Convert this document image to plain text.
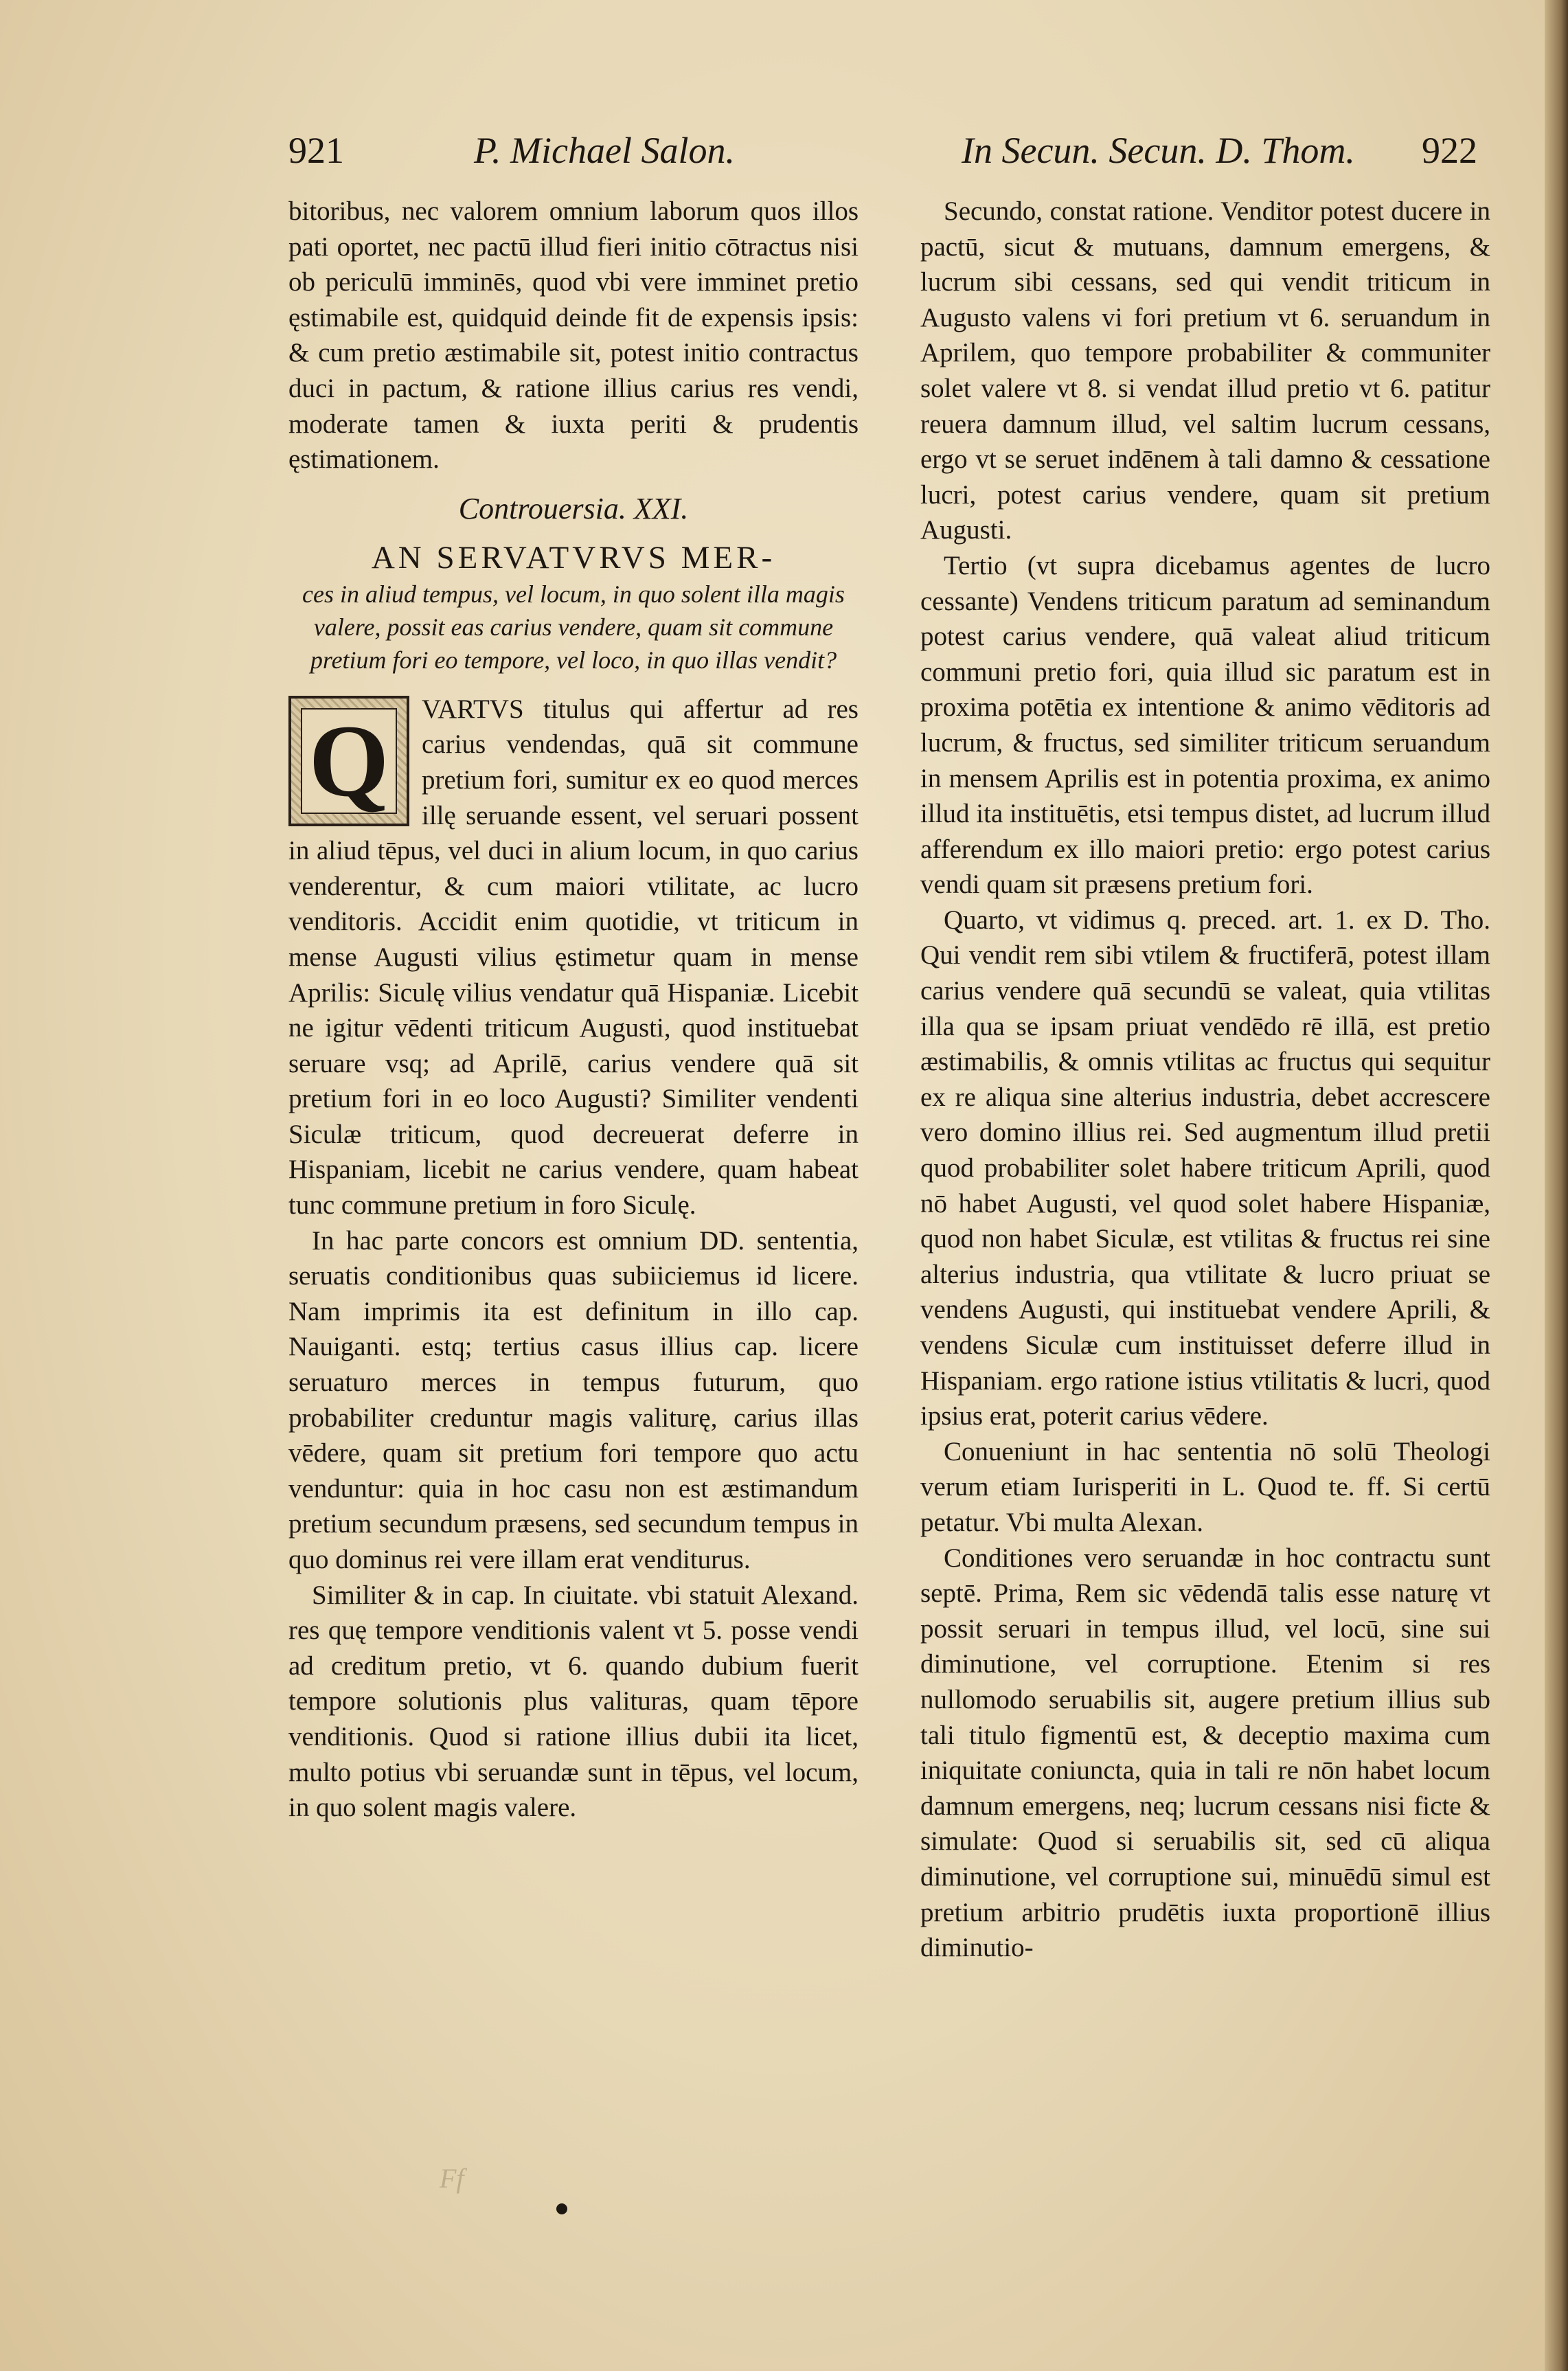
921	P. Michael Salon.	In Secun. Secun. D. Thom. 922

bitoribus, nec valorem omnium laborum quos illos pati oportet, nec pactū illud fieri initio cōtractus nisi ob periculū imminēs, quod vbi vere imminet pretio ęstimabile est, quidquid deinde fit de expensis ipsis: & cum pretio æstimabile sit, potest initio contractus duci in pactum, & ratione illius carius res vendi, moderate tamen & iuxta periti & prudentis ęstimationem.

Controuersia. XXI.

AN SERVATVRVS MER-
ces in aliud tempus, vel locum, in quo solent illa magis valere, possit eas carius vendere, quam sit commune pretium fori eo tempore, vel loco, in quo illas vendit?
Q	VARTVS titulus qui affertur ad res carius vendendas, quā sit commune pretium fori, sumitur ex eo quod merces illę seruande essent, vel seruari possent in aliud tēpus, vel duci in alium locum, in quo carius venderentur, & cum maiori vtilitate, ac lucro venditoris. Accidit enim quotidie, vt triticum in mense Augusti vilius ęstimetur quam in mense Aprilis: Siculę vilius vendatur quā Hispaniæ. Licebit ne igitur vēdenti triticum Augusti, quod instituebat seruare vsq; ad Aprilē, carius vendere quā sit pretium fori in eo loco Augusti? Similiter vendenti Siculæ triticum, quod decreuerat deferre in Hispaniam, licebit ne carius vendere, quam habeat tunc commune pretium in foro Siculę.

In hac parte concors est omnium DD. sententia, seruatis conditionibus quas subiiciemus id licere. Nam imprimis ita est definitum in illo cap. Nauiganti. estq; tertius casus illius cap. licere seruaturo merces in tempus futurum, quo probabiliter creduntur magis valiturę, carius illas vēdere, quam sit pretium fori tempore quo actu venduntur: quia in hoc casu non est æstimandum pretium secundum præsens, sed secundum tempus in quo dominus rei vere illam erat venditurus.

Similiter & in cap. In ciuitate. vbi statuit Alexand. res quę tempore venditionis valent vt 5. posse vendi ad creditum pretio, vt 6. quando dubium fuerit tempore solutionis plus valituras, quam tēpore venditionis. Quod si ratione illius dubii ita licet, multo potius vbi seruandæ sunt in tēpus, vel locum, in quo solent magis valere.

Secundo, constat ratione. Venditor potest ducere in pactū, sicut & mutuans, damnum emergens, & lucrum sibi cessans, sed qui vendit triticum in Augusto valens vi fori pretium vt 6. seruandum in Aprilem, quo tempore probabiliter & communiter solet valere vt 8. si vendat illud pretio vt 6. patitur reuera damnum illud, vel saltim lucrum cessans, ergo vt se seruet indēnem à tali damno & cessatione lucri, potest carius vendere, quam sit pretium Augusti.

Tertio (vt supra dicebamus agentes de lucro cessante) Vendens triticum paratum ad seminandum potest carius vendere, quā valeat aliud triticum communi pretio fori, quia illud sic paratum est in proxima potētia ex intentione & animo vēditoris ad lucrum, & fructus, sed similiter triticum seruandum in mensem Aprilis est in potentia proxima, ex animo illud ita instituētis, etsi tempus distet, ad lucrum illud afferendum ex illo maiori pretio: ergo potest carius vendi quam sit præsens pretium fori.

Quarto, vt vidimus q. preced. art. 1. ex D. Tho. Qui vendit rem sibi vtilem & fructiferā, potest illam carius vendere quā secundū se valeat, quia vtilitas illa qua se ipsam priuat vendēdo rē illā, est pretio æstimabilis, & omnis vtilitas ac fructus qui sequitur ex re aliqua sine alterius industria, debet accrescere vero domino illius rei. Sed augmentum illud pretii quod probabiliter solet habere triticum Aprili, quod nō habet Augusti, vel quod solet habere Hispaniæ, quod non habet Siculæ, est vtilitas & fructus rei sine alterius industria, qua vtilitate & lucro priuat se vendens Augusti, qui instituebat vendere Aprili, & vendens Siculæ cum instituisset deferre illud in Hispaniam. ergo ratione istius vtilitatis & lucri, quod ipsius erat, poterit carius vēdere.

Conueniunt in hac sententia nō solū Theologi verum etiam Iurisperiti in L. Quod te. ff. Si certū petatur. Vbi multa Alexan.

Conditiones vero seruandæ in hoc contractu sunt septē. Prima, Rem sic vēdendā talis esse naturę vt possit seruari in tempus illud, vel locū, sine sui diminutione, vel corruptione. Etenim si res nullomodo seruabilis sit, augere pretium illius sub tali titulo figmentū est, & deceptio maxima cum iniquitate coniuncta, quia in tali re nōn habet locum damnum emergens, neq; lucrum cessans nisi ficte & simulate: Quod si seruabilis sit, sed cū aliqua diminutione, vel corruptione sui, minuēdū simul est pretium arbitrio prudētis iuxta proportionē illius diminutio-

Ff
